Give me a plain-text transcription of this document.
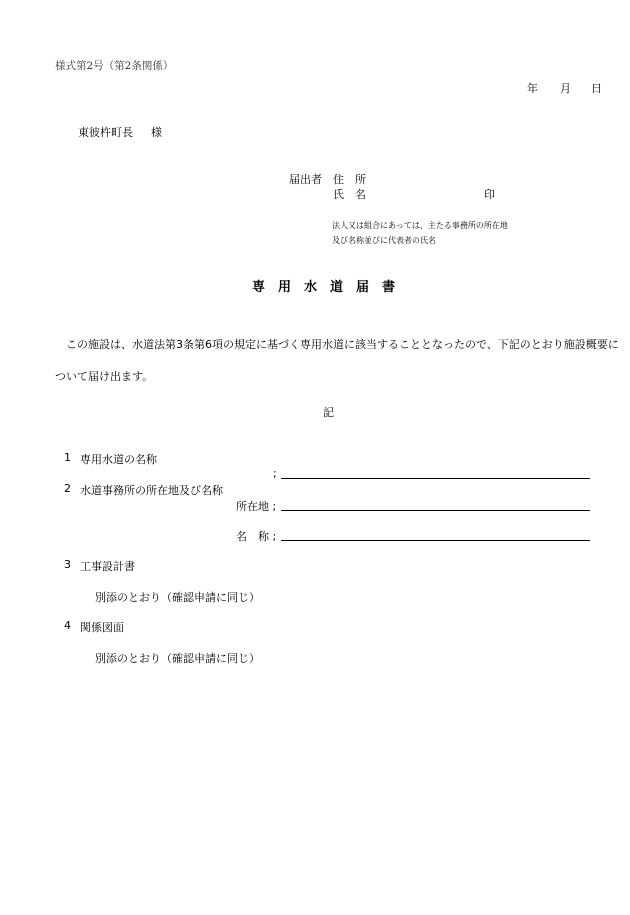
様式第2号（第2条関係）
年 月 日
東彼杵町長 様
届出者 住　所
氏　名	印
法人又は組合にあっては、主たる事務所の所在地
及び名称並びに代表者の氏名
専用水道届書
この施設は、水道法第3条第6項の規定に基づく専用水道に該当することとなったので、下記のとおり施設概要に
ついて届け出ます。
記
1 専用水道の名称
;
2 水道事務所の所在地及び名称
所在地 ;
名　称 ;
3 工事設計書
別添のとおり（確認申請に同じ）
4 関係図面
別添のとおり（確認申請に同じ）
